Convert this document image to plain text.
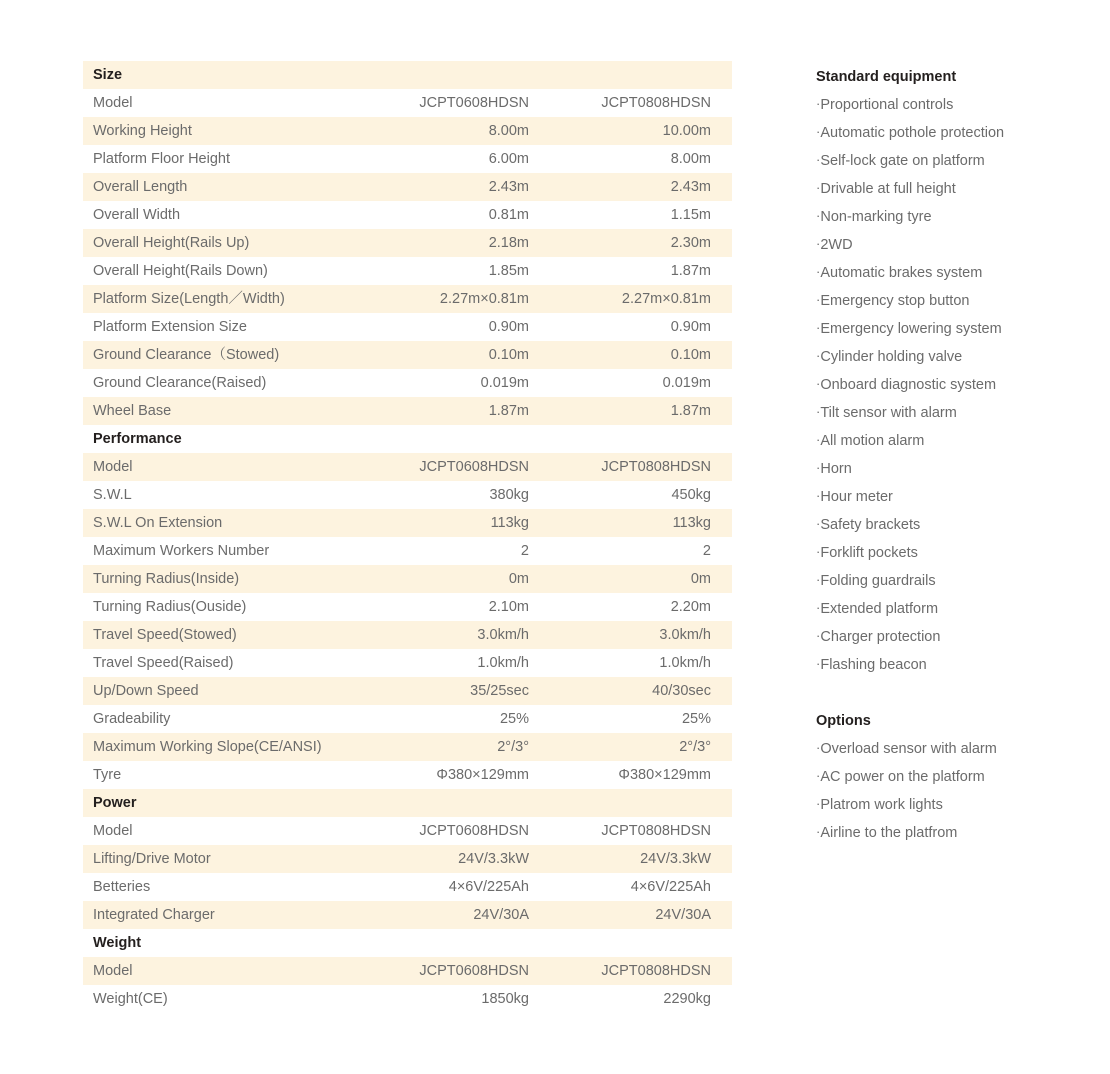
Size		

Model		JCPT0608HDSN		JCPT0808HDSN

Working Height		8.00m		10.00m

Platform Floor Height		6.00m		8.00m

Overall Length		2.43m		2.43m

Overall Width		0.81m		1.15m

Overall Height(Rails Up)		2.18m		2.30m

Overall Height(Rails Down)		1.85m		1.87m

Platform Size(Length／Width)		2.27m×0.81m		2.27m×0.81m

Platform Extension Size		0.90m		0.90m

Ground Clearance（Stowed)		0.10m		0.10m

Ground Clearance(Raised)		0.019m		0.019m

Wheel Base		1.87m		1.87m

Performance		

Model		JCPT0608HDSN		JCPT0808HDSN

S.W.L		380kg		450kg

S.W.L On Extension		113kg		113kg

Maximum Workers Number		2		2

Turning Radius(Inside)		0m		0m

Turning Radius(Ouside)		2.10m		2.20m

Travel Speed(Stowed)		3.0km/h		3.0km/h

Travel Speed(Raised)		1.0km/h		1.0km/h

Up/Down Speed		35/25sec		40/30sec

Gradeability		25%		25%

Maximum Working Slope(CE/ANSI)		2°/3°		2°/3°

Tyre		Φ380×129mm		Φ380×129mm

Power		

Model		JCPT0608HDSN		JCPT0808HDSN

Lifting/Drive Motor		24V/3.3kW		24V/3.3kW

Betteries		4×6V/225Ah		4×6V/225Ah

Integrated Charger		24V/30A		24V/30A

Weight		

Model		JCPT0608HDSN		JCPT0808HDSN

Weight(CE)		1850kg		2290kg
Standard equipment
·Proportional controls
·Automatic pothole protection
·Self-lock gate on platform
·Drivable at full height
·Non-marking tyre
·2WD
·Automatic brakes system
·Emergency stop button
·Emergency lowering system
·Cylinder holding valve
·Onboard diagnostic system
·Tilt sensor with alarm
·All motion alarm
·Horn
·Hour meter
·Safety brackets
·Forklift pockets
·Folding guardrails
·Extended platform
·Charger protection
·Flashing beacon
Options
·Overload sensor with alarm
·AC power on the platform
·Platrom work lights
·Airline to the platfrom
